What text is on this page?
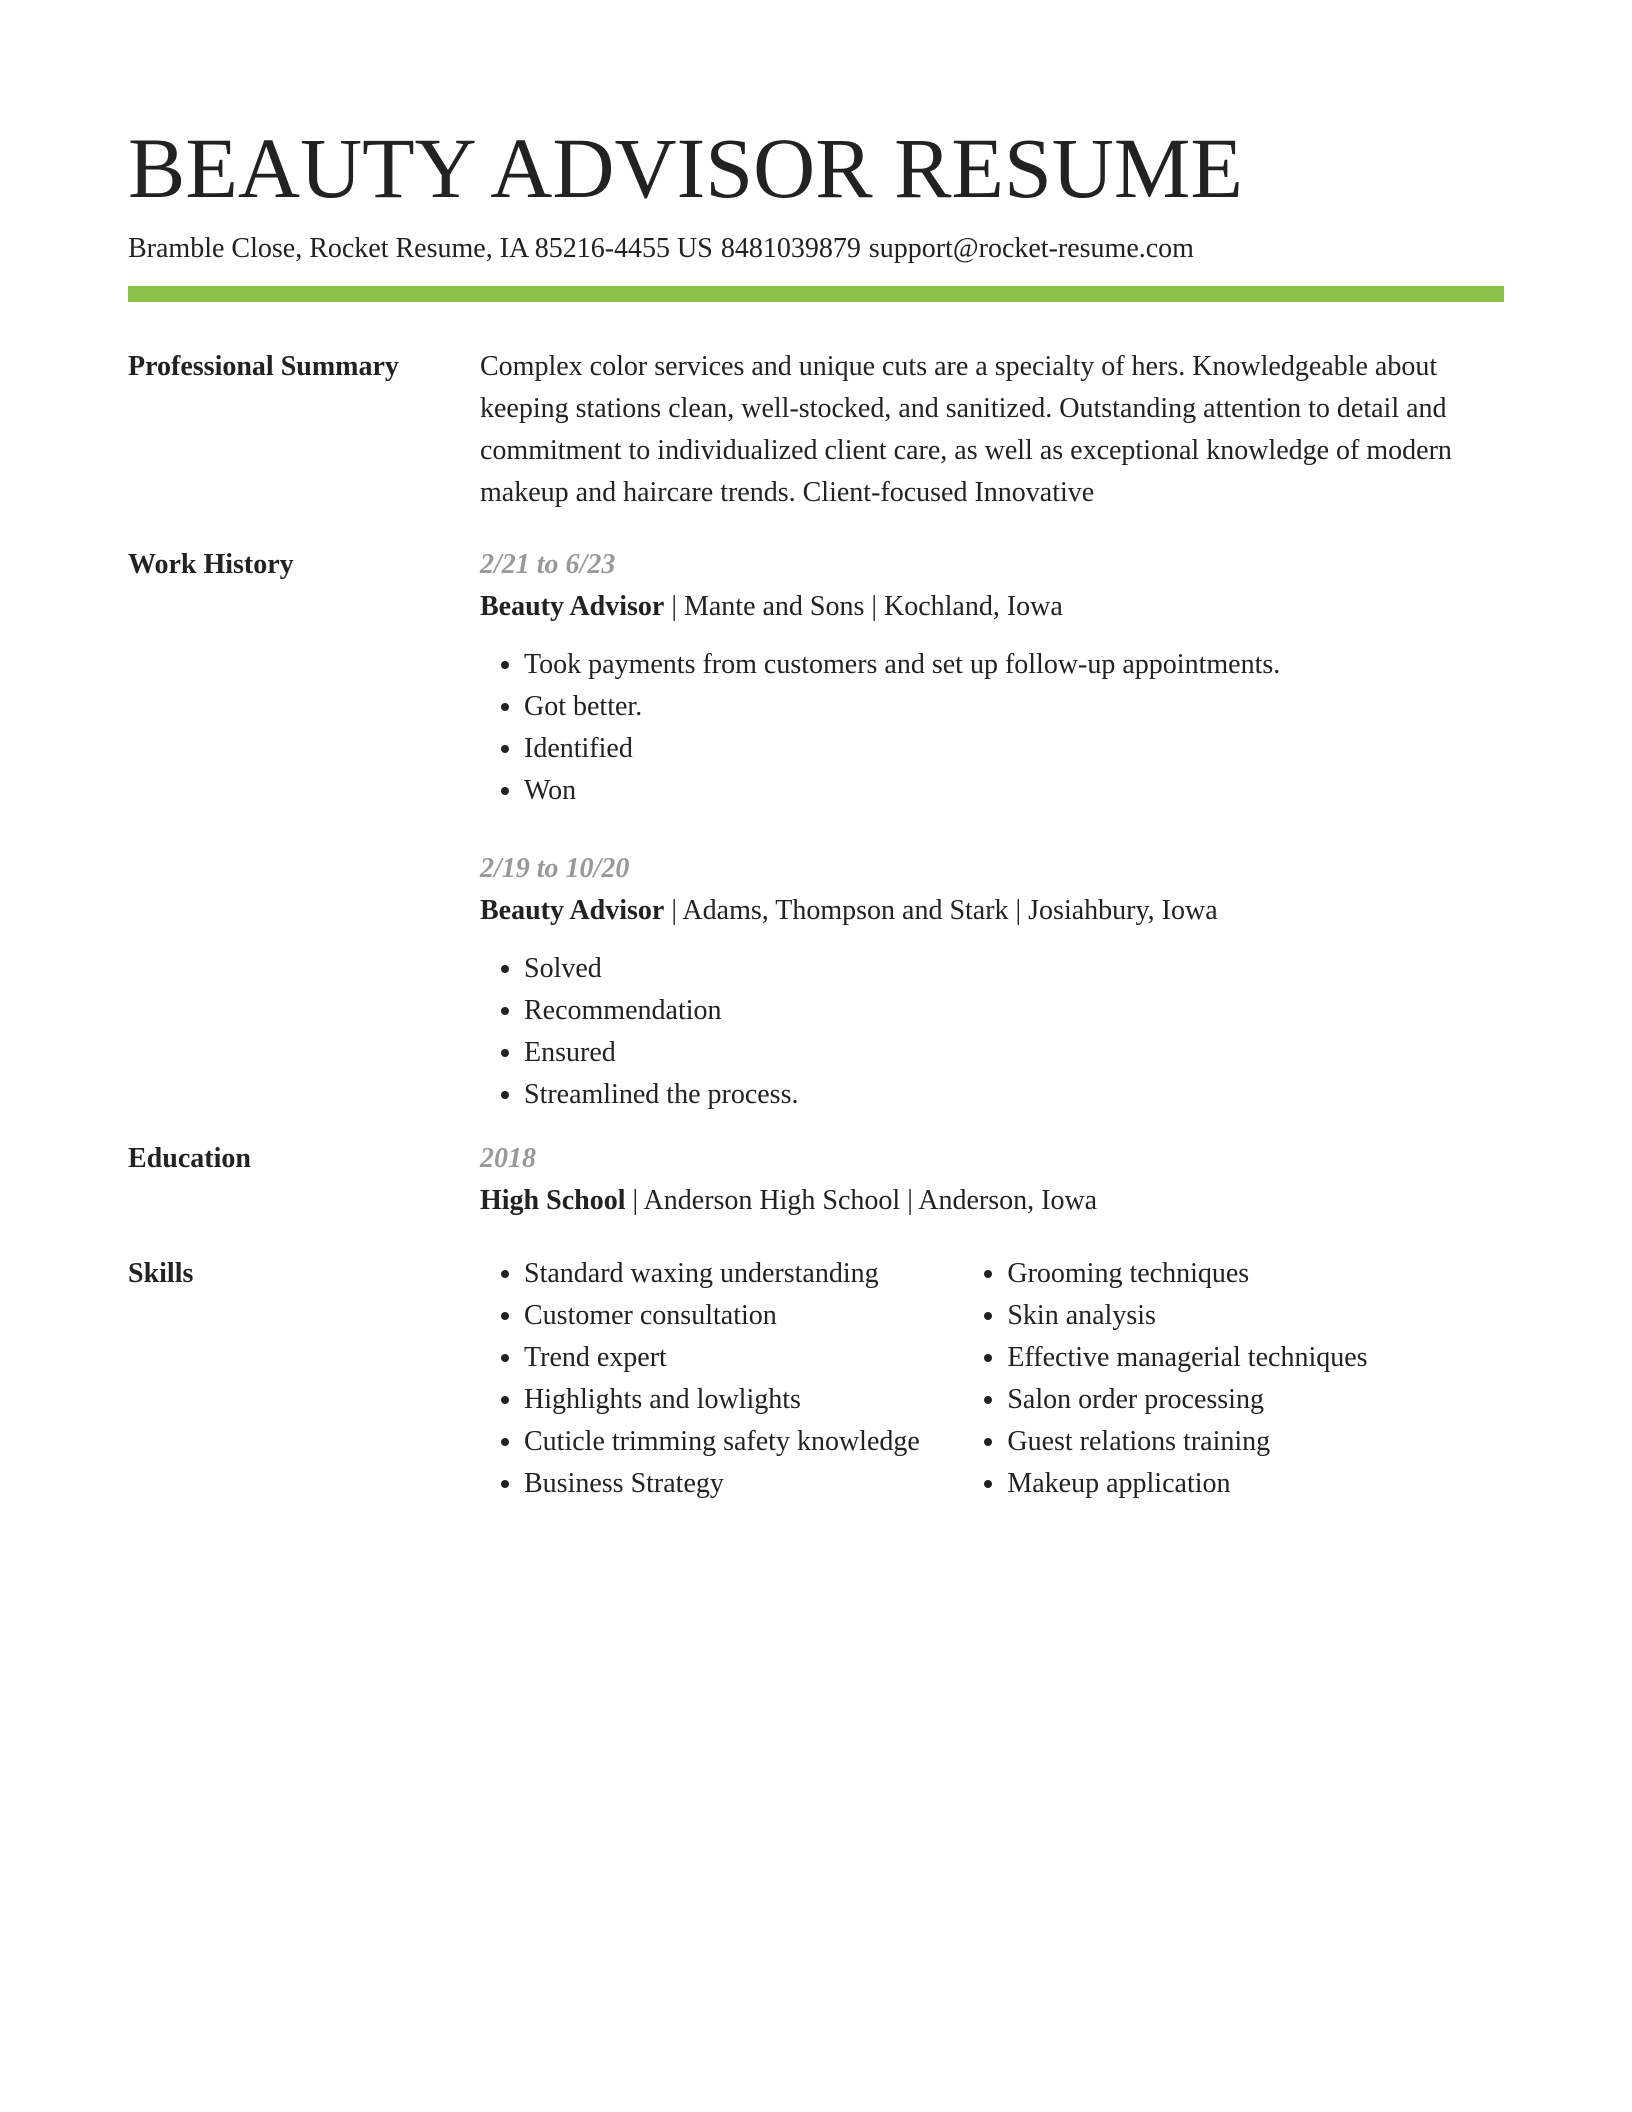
BEAUTY ADVISOR RESUME
Bramble Close, Rocket Resume, IA 85216-4455 US 8481039879 support@rocket-resume.com
Professional Summary	Complex color services and unique cuts are a specialty of hers. Knowledgeable about keeping stations clean, well-stocked, and sanitized. Outstanding attention to detail and commitment to individualized client care, as well as exceptional knowledge of modern makeup and haircare trends. Client-focused Innovative

Work History	2/21 to 6/23
Beauty Advisor | Mante and Sons | Kochland, Iowa
• Took payments from customers and set up follow-up appointments.
• Got better.
• Identified
• Won
2/19 to 10/20
Beauty Advisor | Adams, Thompson and Stark | Josiahbury, Iowa
• Solved
• Recommendation
• Ensured
• Streamlined the process.
Education	2018
High School | Anderson High School | Anderson, Iowa
Skills
•	Standard waxing understanding
• Customer consultation
• Trend expert
• Highlights and lowlights
• Cuticle trimming safety knowledge
• Business Strategy
• Grooming techniques
• Skin analysis
• Effective managerial techniques
• Salon order processing
• Guest relations training
• Makeup application
